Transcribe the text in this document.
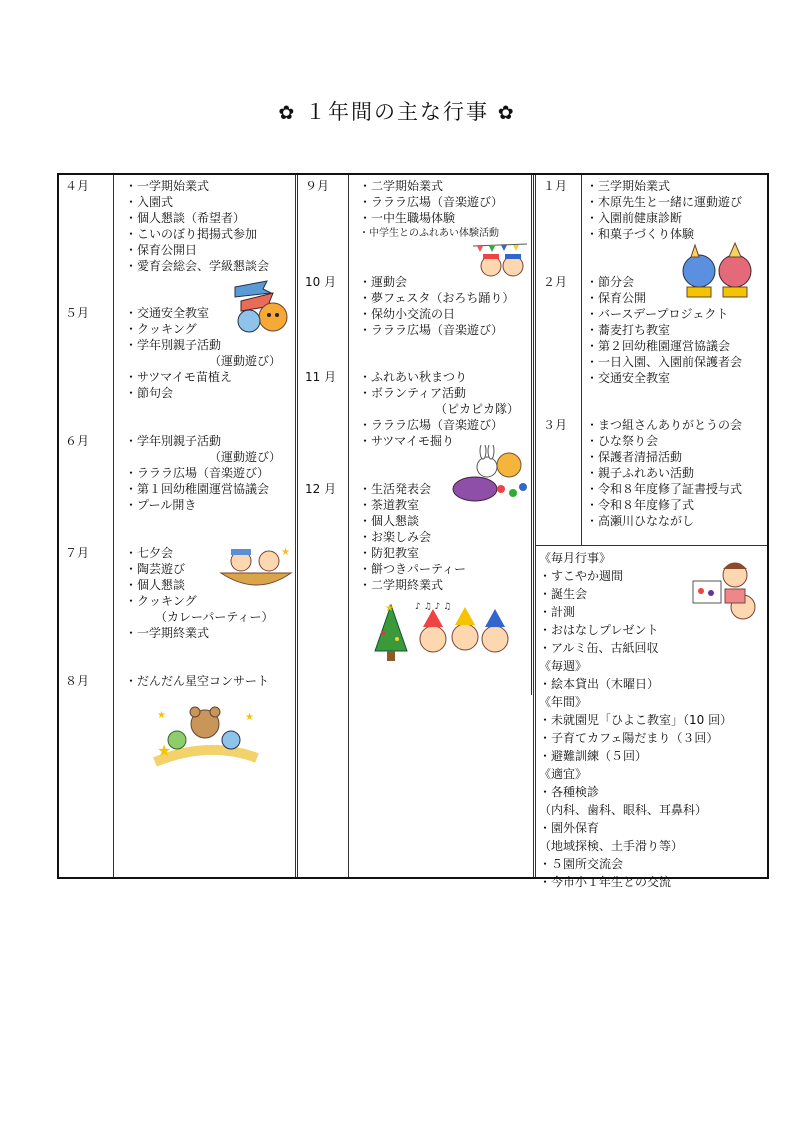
✿ １年間の主な行事 ✿
４月
５月
６月
７月
８月
・一学期始業式
・入園式
・個人懇談（希望者）
・こいのぼり掲揚式参加
・保育公開日
・愛育会総会、学級懇談会
・交通安全教室
・クッキング
・学年別親子活動
（運動遊び）
・サツマイモ苗植え
・節句会
・学年別親子活動
（運動遊び）
・ラララ広場（音楽遊び）
・第１回幼稚園運営協議会
・プール開き
・七夕会
・陶芸遊び
・個人懇談
・クッキング
（カレーパーティー）
・一学期終業式
・だんだん星空コンサート
９月
10 月
11 月
12 月
・二学期始業式
・ラララ広場（音楽遊び）
・一中生職場体験
・中学生とのふれあい体験活動
・運動会
・夢フェスタ（おろち踊り）
・保幼小交流の日
・ラララ広場（音楽遊び）
・ふれあい秋まつり
・ボランティア活動
（ピカピカ隊）
・ラララ広場（音楽遊び）
・サツマイモ掘り
・生活発表会
・茶道教室
・個人懇談
・お楽しみ会
・防犯教室
・餅つきパーティー
・二学期終業式
１月
２月
３月
・三学期始業式
・木原先生と一緒に運動遊び
・入園前健康診断
・和菓子づくり体験
・節分会
・保育公開
・バースデープロジェクト
・蕎麦打ち教室
・第２回幼稚園運営協議会
・一日入園、入園前保護者会
・交通安全教室
・まつ組さんありがとうの会
・ひな祭り会
・保護者清掃活動
・親子ふれあい活動
・令和８年度修了証書授与式
・令和８年度修了式
・高瀬川ひなながし
《毎月行事》
・すこやか週間
・誕生会
・計測
・おはなしプレゼント
・アルミ缶、古紙回収
《毎週》
・絵本貸出（木曜日）
《年間》
・未就園児「ひよこ教室」（10 回）
・子育てカフェ陽だまり（３回）
・避難訓練（５回）
《適宜》
・各種検診
（内科、歯科、眼科、耳鼻科）
・園外保育
（地域探検、土手滑り等）
・５園所交流会
・今市小１年生との交流
★
★
★	★
★ ♪ ♫ ♪ ♫
